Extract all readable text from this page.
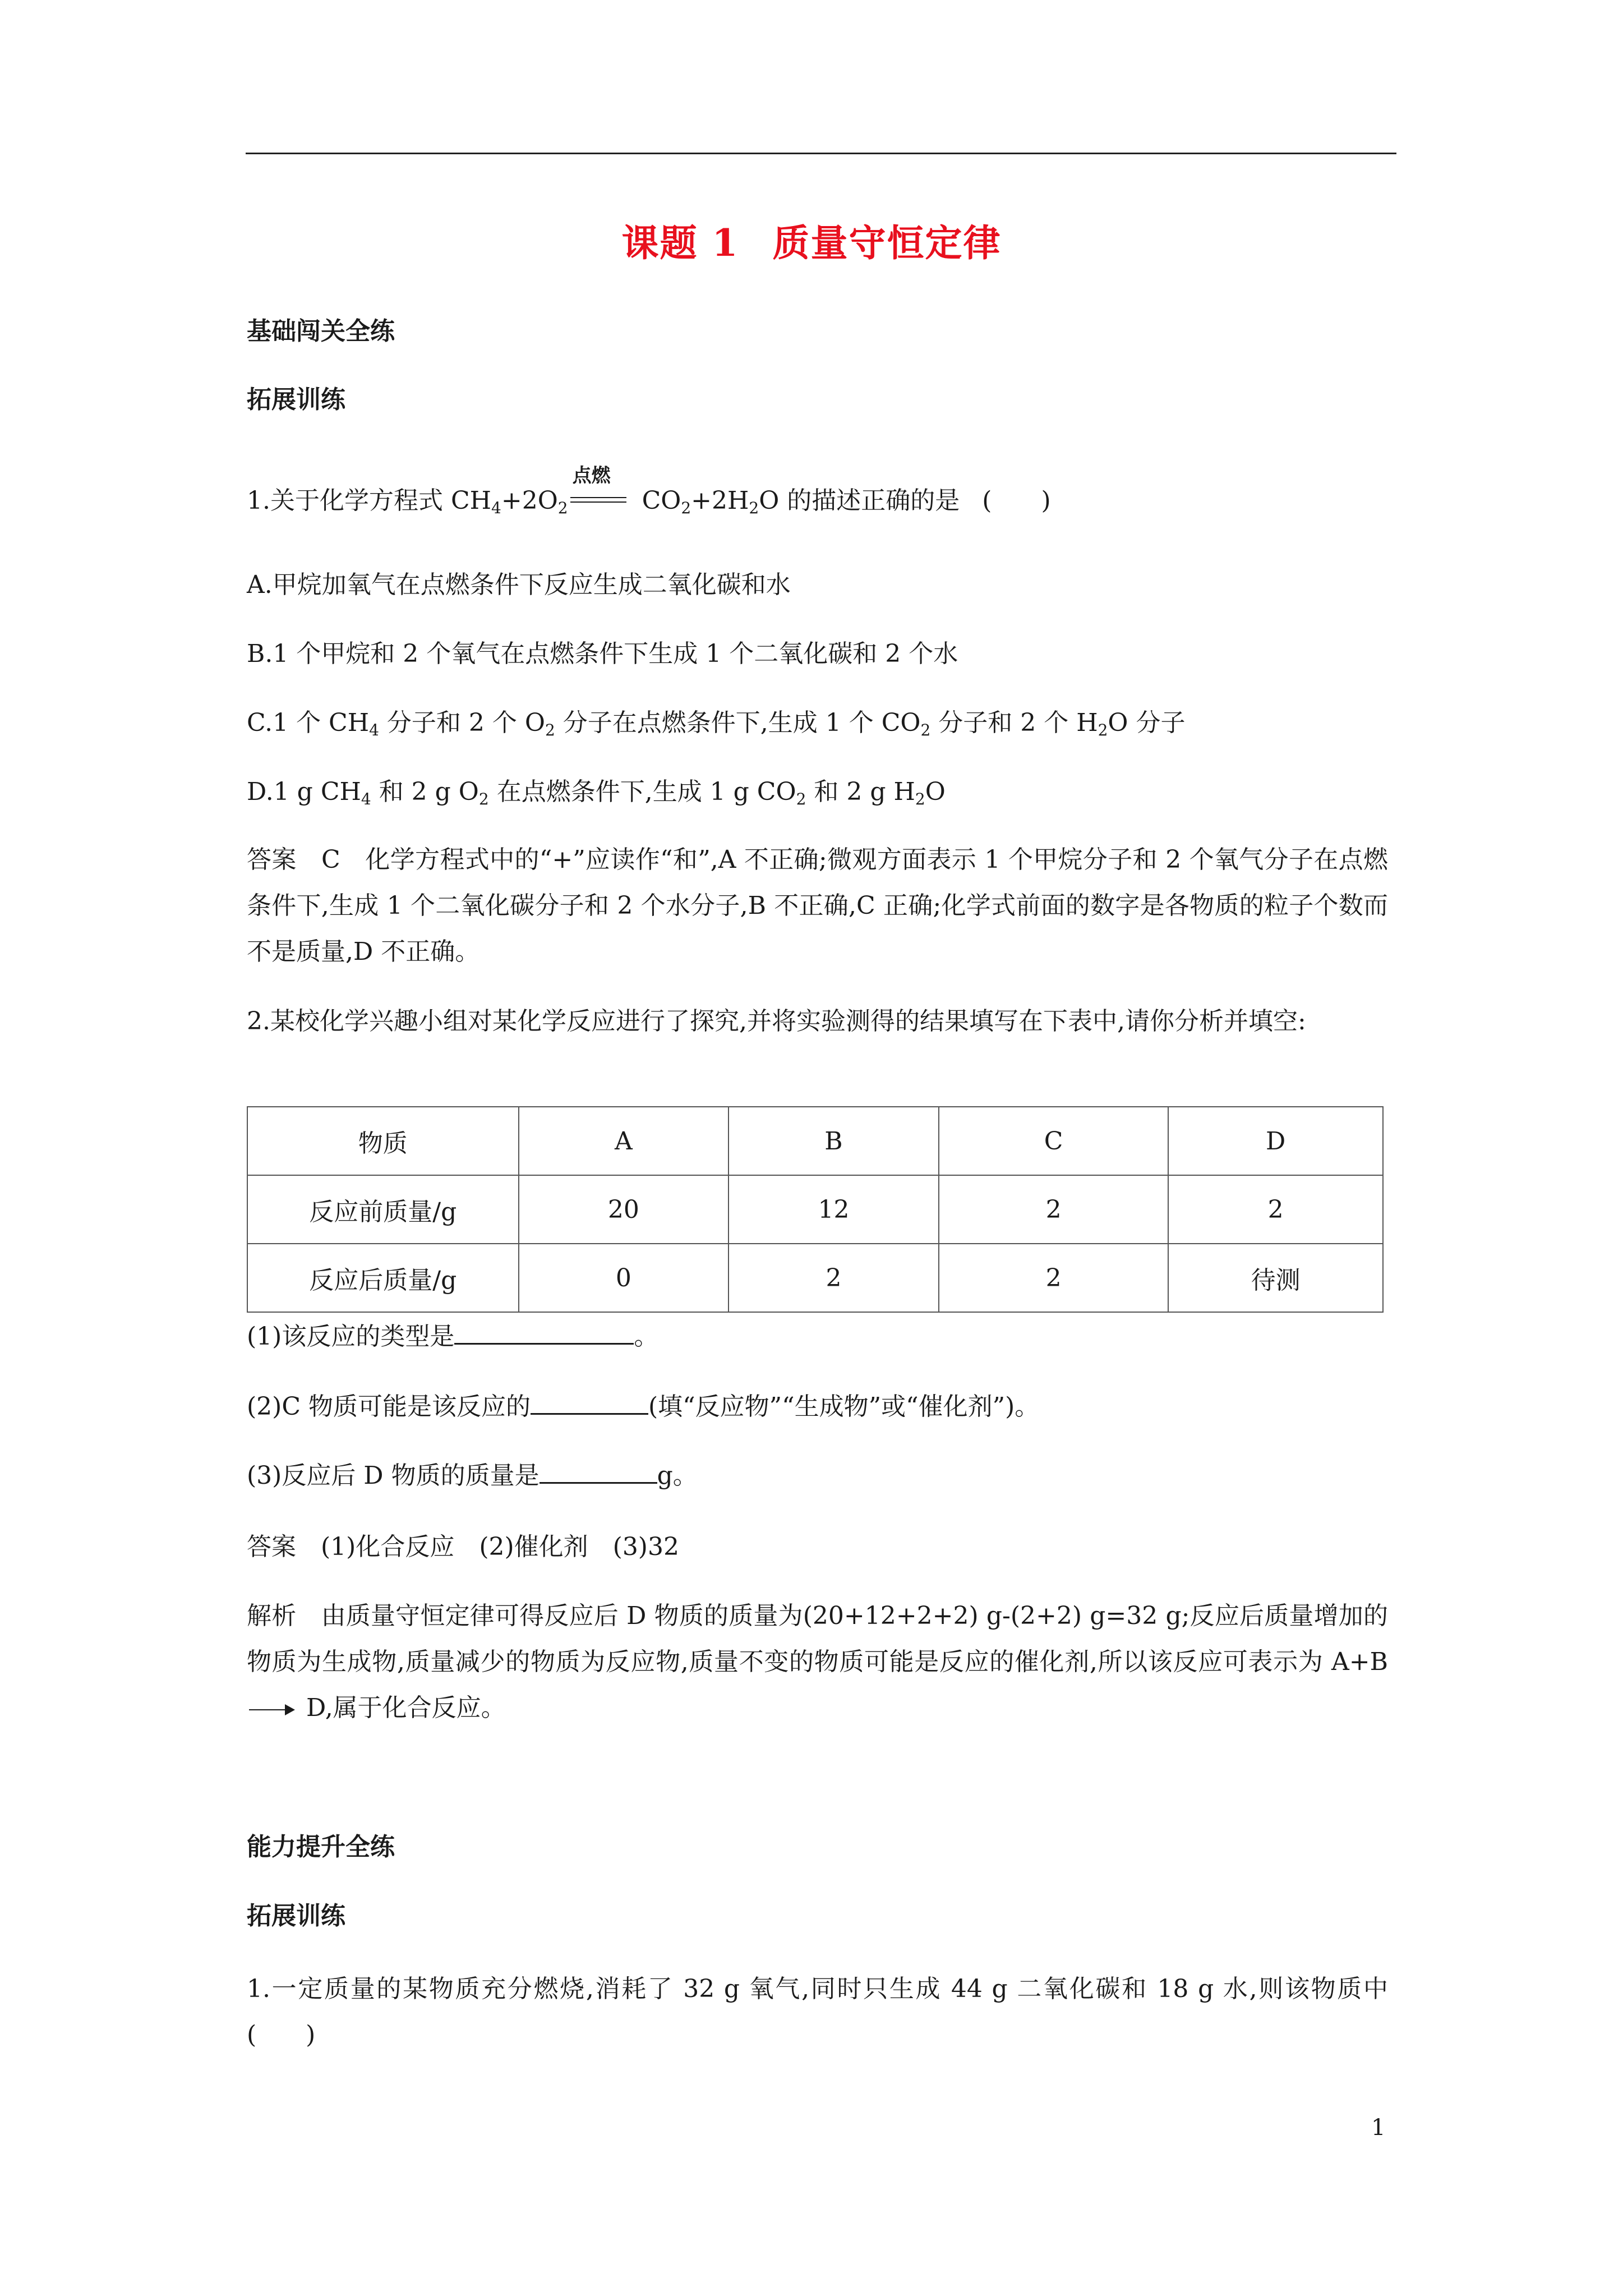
课题 1 质量守恒定律
基础闯关全练
拓展训练
1.关于化学方程式 $CH_4+2O_2$
点燃
$CO_2+2H_2O$ 的描述正确的是 (　　)
A.甲烷加氧气在点燃条件下反应生成二氧化碳和水
B.1 个甲烷和 2 个氧气在点燃条件下生成 1 个二氧化碳和 2 个水
C.1 个 $CH_4$ 分子和 2 个 $O_2$ 分子在点燃条件下,生成 1 个 $CO_2$ 分子和 2 个 $H_2O$ 分子
D.1 g $CH_4$ 和 2 g $O_2$ 在点燃条件下,生成 1 g $CO_2$ 和 2 g $H_2O$
答案　C　化学方程式中的“+”应读作“和”,A 不正确;微观方面表示 1 个甲烷分子和 2 个氧气分子在点燃条件下,生成 1 个二氧化碳分子和 2 个水分子,B 不正确,C 正确;化学式前面的数字是各物质的粒子个数而不是质量,D 不正确。
2.某校化学兴趣小组对某化学反应进行了探究,并将实验测得的结果填写在下表中,请你分析并填空:
物质	A	B	C	D
反应前质量/g	20	12	2	2
反应后质量/g	0	2	2	待测
(1)该反应的类型是	。
(2)C 物质可能是该反应的	(填“反应物”“生成物”或“催化剂”)。
(3)反应后 D 物质的质量是	g。
答案　(1)化合反应　(2)催化剂　(3)32
解析　由质量守恒定律可得反应后 D 物质的质量为(20+12+2+2) g-(2+2) g=32 g;反应后质量增加的物质为生成物,质量减少的物质为反应物,质量不变的物质可能是反应的催化剂,所以该反应可表示为 A+B→ D,属于化合反应。
能力提升全练
拓展训练
1.一定质量的某物质充分燃烧,消耗了 32 g 氧气,同时只生成 44 g 二氧化碳和 18 g 水,则该物质中(　　)
1
